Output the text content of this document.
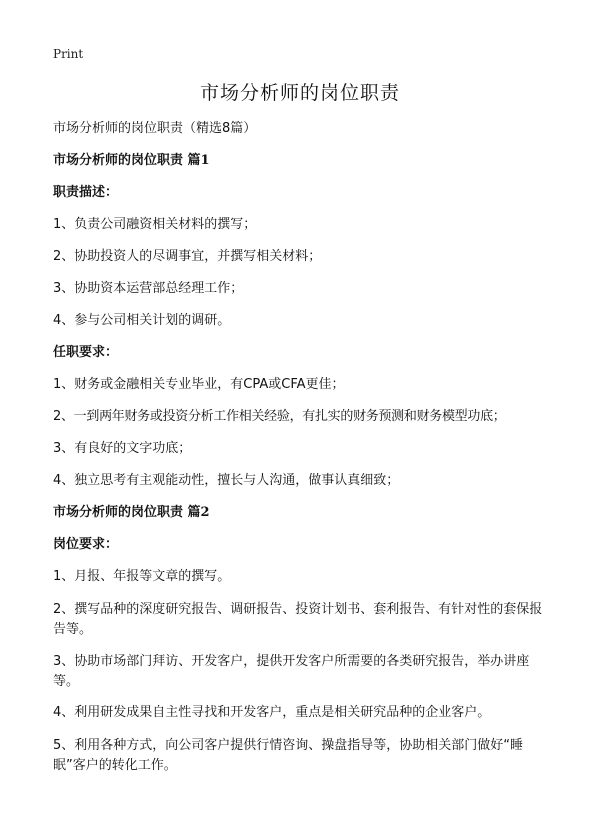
Print
市场分析师的岗位职责
市场分析师的岗位职责（精选8篇）
市场分析师的岗位职责 篇1
职责描述：
1、负责公司融资相关材料的撰写；
2、协助投资人的尽调事宜，并撰写相关材料；
3、协助资本运营部总经理工作；
4、参与公司相关计划的调研。
任职要求：
1、财务或金融相关专业毕业，有CPA或CFA更佳；
2、一到两年财务或投资分析工作相关经验，有扎实的财务预测和财务模型功底；
3、有良好的文字功底；
4、独立思考有主观能动性，擅长与人沟通，做事认真细致；
市场分析师的岗位职责 篇2
岗位要求：
1、月报、年报等文章的撰写。
2、撰写品种的深度研究报告、调研报告、投资计划书、套利报告、有针对性的套保报告等。
3、协助市场部门拜访、开发客户，提供开发客户所需要的各类研究报告，举办讲座等。
4、利用研发成果自主性寻找和开发客户，重点是相关研究品种的企业客户。
5、利用各种方式，向公司客户提供行情咨询、操盘指导等，协助相关部门做好“睡眠”客户的转化工作。
